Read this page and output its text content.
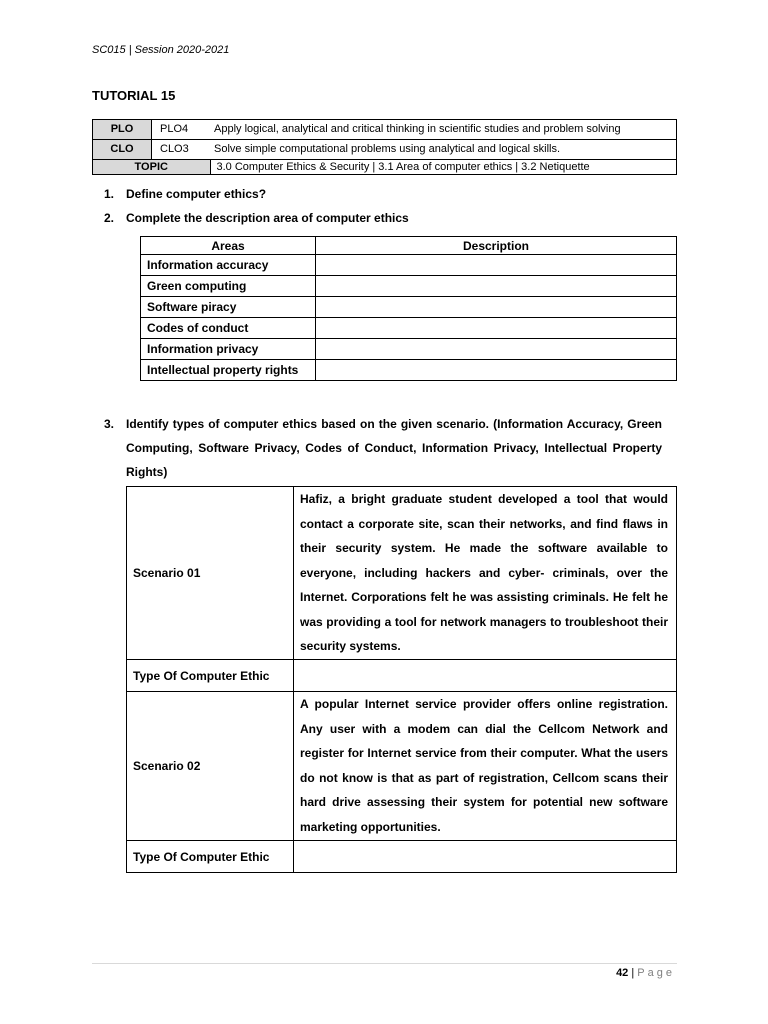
SC015 | Session 2020-2021
TUTORIAL 15
PLO	PLO4	Apply logical, analytical and critical thinking in scientific studies and problem solving
CLO	CLO3	Solve simple computational problems using analytical and logical skills.
TOPIC		3.0 Computer Ethics & Security | 3.1 Area of computer ethics | 3.2 Netiquette
1. Define computer ethics?
2. Complete the description area of computer ethics
Areas	Description
Information accuracy	
Green computing	
Software piracy	
Codes of conduct	
Information privacy	
Intellectual property rights	
3. Identify types of computer ethics based on the given scenario. (Information Accuracy, Green Computing, Software Privacy, Codes of Conduct, Information Privacy, Intellectual Property Rights)
Scenario 01	Hafiz, a bright graduate student developed a tool that would contact a corporate site, scan their networks, and find flaws in their security system. He made the software available to everyone, including hackers and cyber- criminals, over the Internet. Corporations felt he was assisting criminals. He felt he was providing a tool for network managers to troubleshoot their security systems.
Type Of Computer Ethic	
Scenario 02	A popular Internet service provider offers online registration. Any user with a modem can dial the Cellcom Network and register for Internet service from their computer. What the users do not know is that as part of registration, Cellcom scans their hard drive assessing their system for potential new software marketing opportunities.
Type Of Computer Ethic	
42 | Page
